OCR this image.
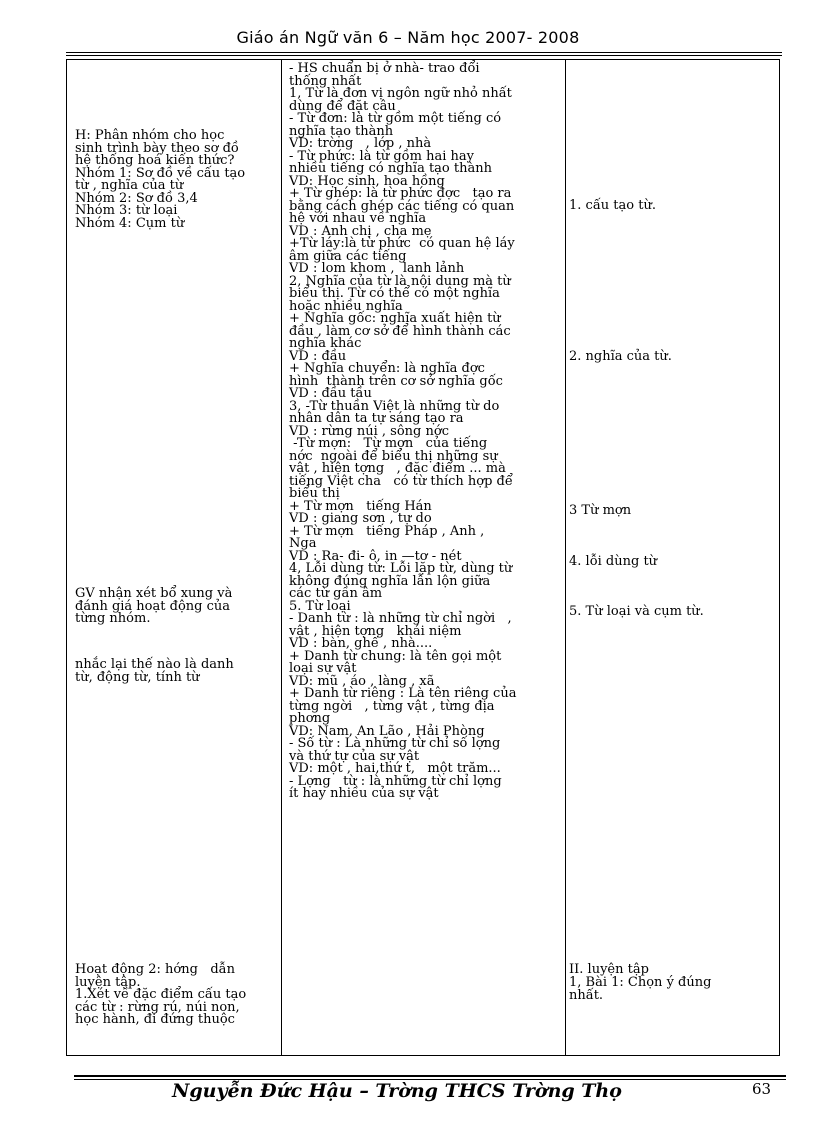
Giáo án Ngữ văn 6 – Năm học 2007- 2008
H: Phân nhóm cho học
sinh trình bày theo sơ đồ
hệ thống hoá kiến thức?
Nhóm 1: Sơ đồ về cấu tạo
từ , nghĩa của từ
Nhóm 2: Sơ đồ 3,4
Nhóm 3: từ loại
Nhóm 4: Cụm từ
GV nhận xét bổ xung và
đánh giá hoạt động của
từng nhóm.
nhắc lại thế nào là danh
từ, động từ, tính từ
Hoạt động 2: hớng   dẫn
luyện tập.
1.Xét về đặc điểm cấu tạo
các từ : rừng rú, núi non,
học hành, đi đứng thuộc
- HS chuẩn bị ở nhà- trao đổi
thống nhất
1, Từ là đơn vị ngôn ngữ nhỏ nhất
dùng để đặt câu
- Từ đơn: là từ gồm một tiếng có
nghĩa tạo thành
VD: trờng   , lớp , nhà
- Từ phức: là từ gồm hai hay
nhiều tiếng có nghĩa tạo thành
VD: Học sinh, hoa hồng
+ Từ ghép: là từ phức đợc   tạo ra
bằng cách ghép các tiếng có quan
hệ với nhau về nghĩa
VD : Anh chị , cha mẹ
+Từ láy:là từ phức  có quan hệ láy
âm giữa các tiếng
VD : lom khom ,  lanh lảnh
2, Nghĩa của từ là nội dung mà từ
biểu thị. Từ có thể có một nghĩa
hoặc nhiều nghĩa
+ Nghĩa gốc: nghĩa xuất hiện từ
đầu , làm cơ sở để hình thành các
nghĩa khác
VD : đầu
+ Nghĩa chuyển: là nghĩa đợc
hình  thành trên cơ sở nghĩa gốc
VD : đầu tầu
3, -Từ thuần Việt là những từ do
nhân dân ta tự sáng tạo ra
VD : rừng núi , sông nớc
-Từ mợn:   Từ mợn   của tiếng
nớc  ngoài để biểu thị những sự
vật , hiện tợng   , đặc điểm ... mà
tiếng Việt cha   có từ thích hợp để
biểu thị
+ Từ mợn   tiếng Hán
VD : giang sơn , tự do
+ Từ mợn   tiếng Pháp , Anh ,
Nga
VD : Ra- đi- ô, in —tơ - nét
4, Lỗi dùng từ: Lỗi lặp từ, dùng từ
không đúng nghĩa lẫn lộn giữa
các từ gần âm
5. Từ loại
- Danh từ : là những từ chỉ ngời   ,
vật , hiện tợng   khái niệm
VD : bàn, ghế , nhà....
+ Danh từ chung: là tên gọi một
loại sự vật
VD: mũ , áo , làng , xã
+ Danh từ riêng : Là tên riêng của
từng ngời   , từng vật , từng địa
phơng
VD: Nam, An Lão , Hải Phòng
- Số từ : Là những từ chỉ số lợng
và thứ tự của sự vật
VD: một , hai,thứ t,   một trăm...
- Lợng   từ : là những từ chỉ lợng
ít hay nhiều của sự vật
1. cấu tạo từ.
2. nghĩa của từ.
3 Từ mợn
4. lỗi dùng từ
5. Từ loại và cụm từ.
II. luyện tập
1, Bài 1: Chọn ý đúng
nhất.
Nguyễn Đức Hậu – Trờng THCS Trờng Thọ	63
